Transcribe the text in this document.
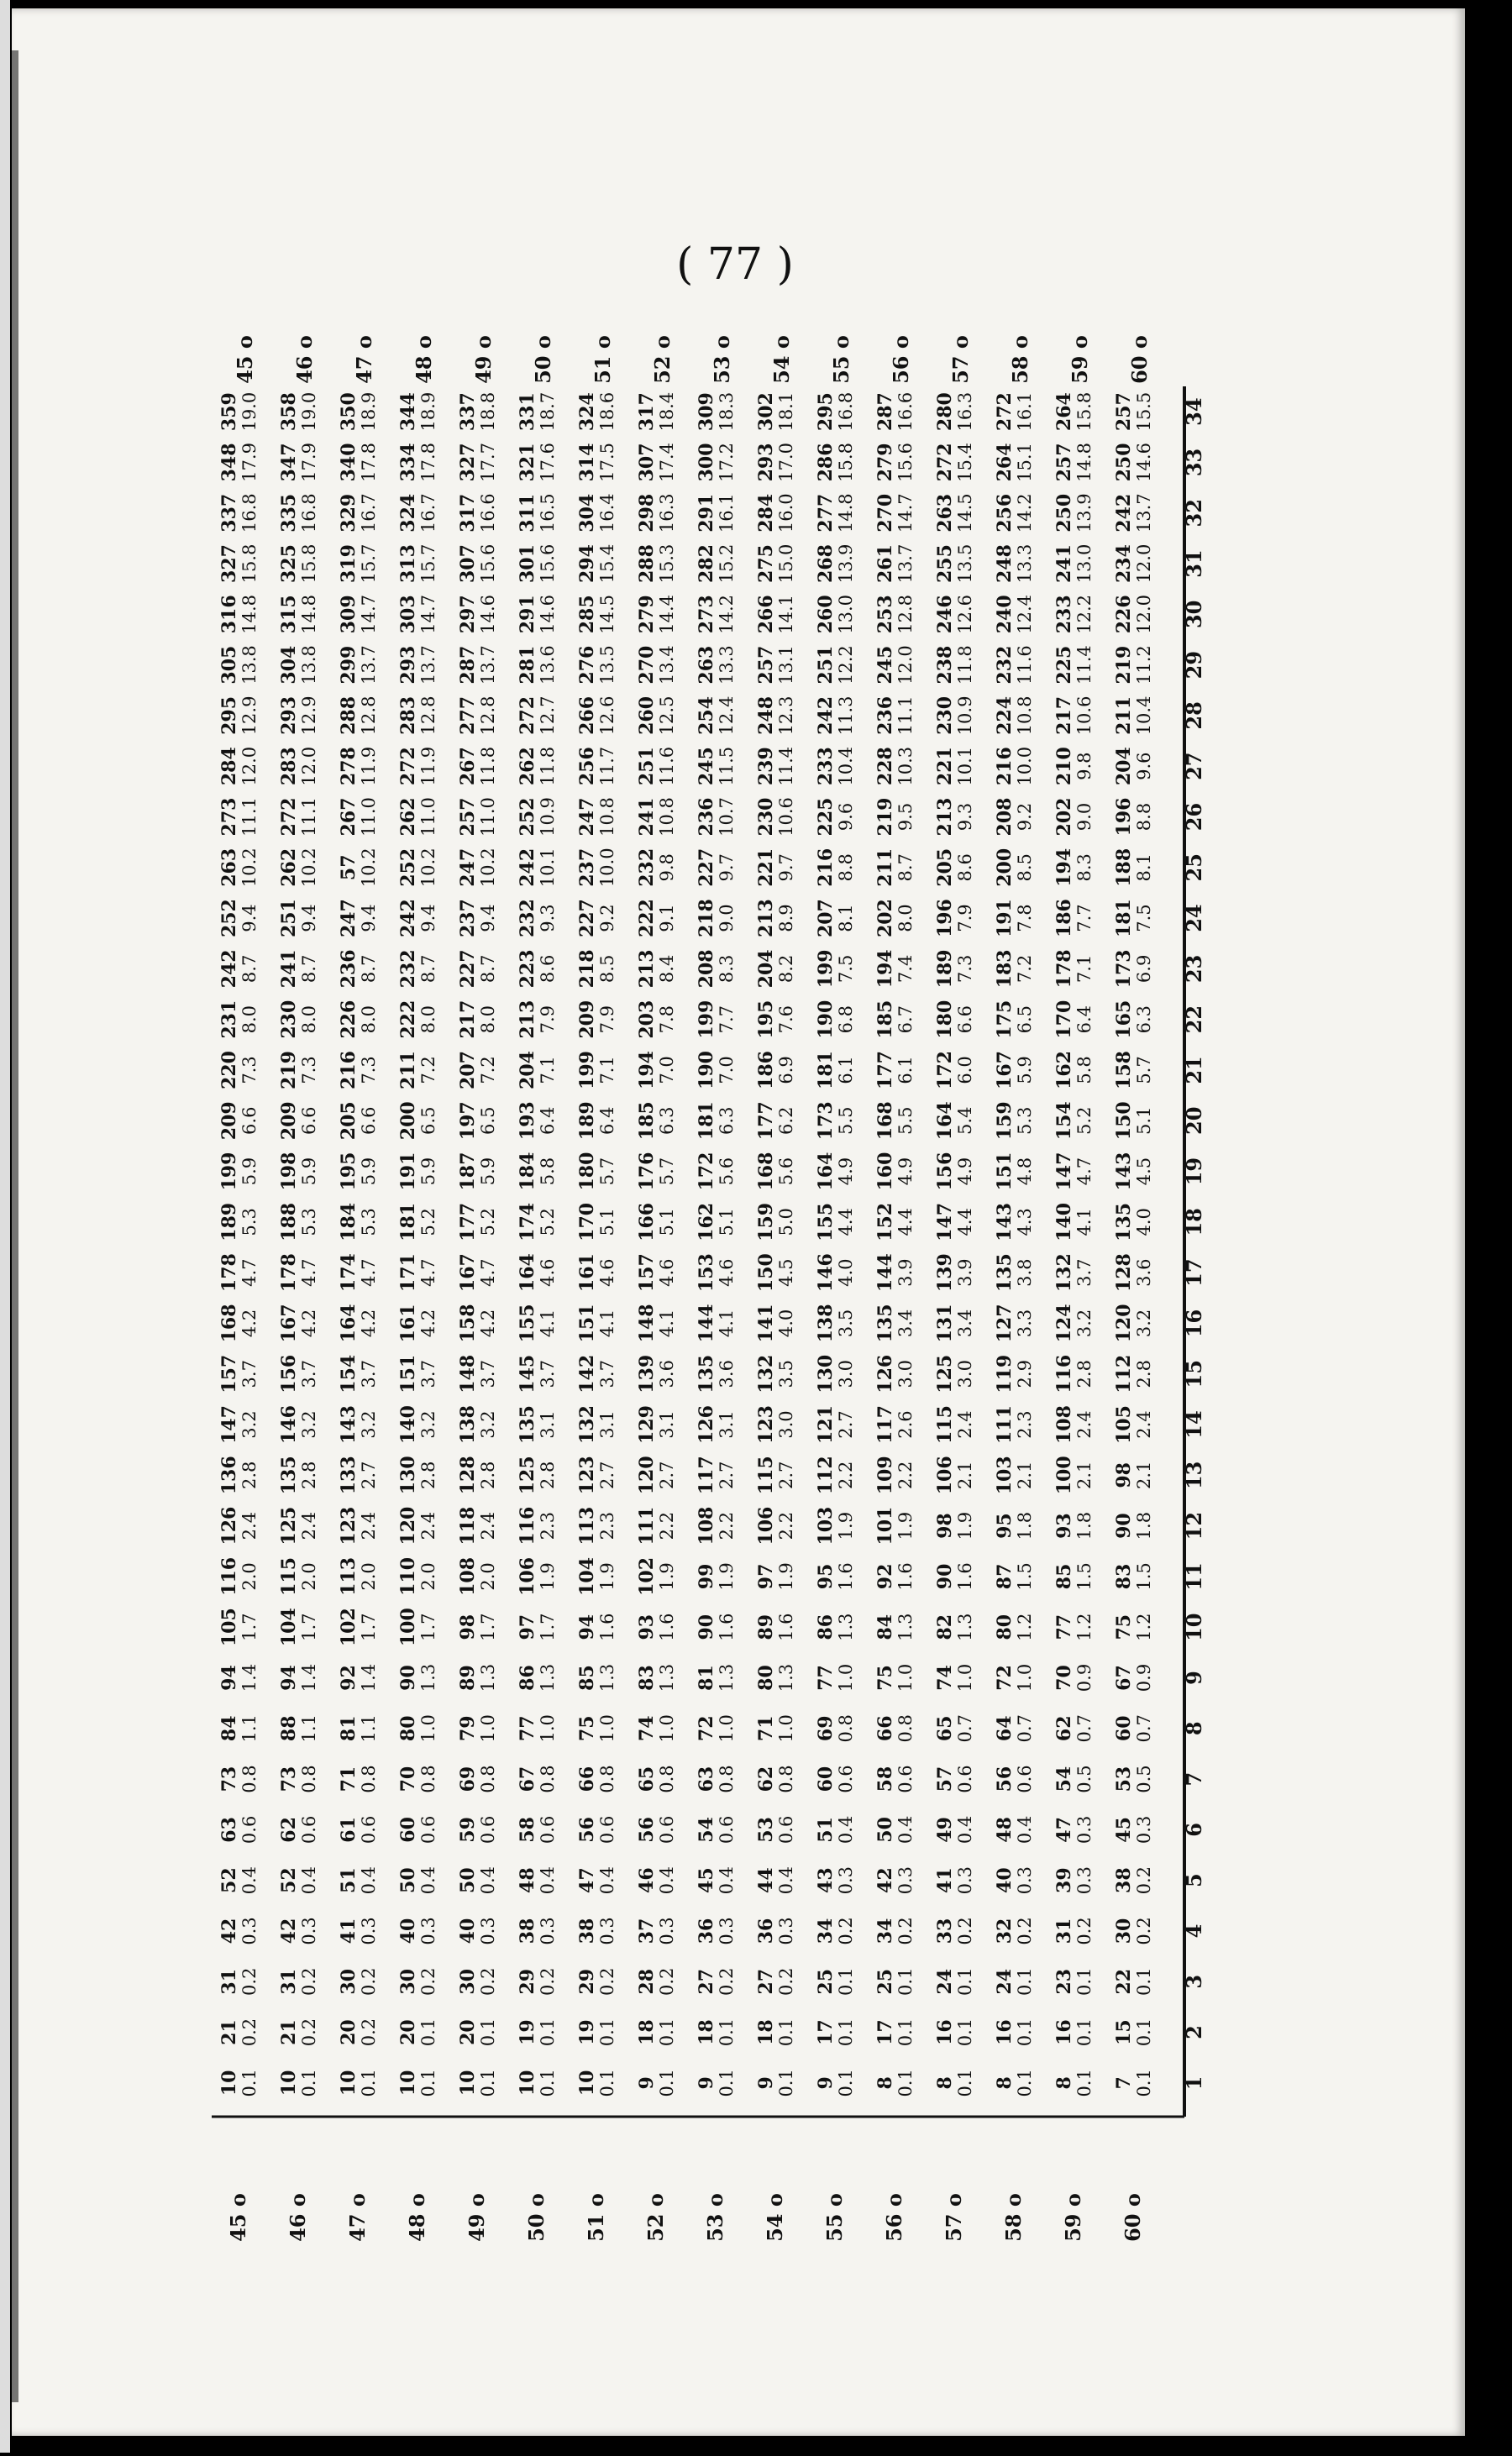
( 77 )
45 o
45 o
10 0.1
21 0.2
31 0.2
42 0.3
52 0.4
63 0.6
73 0.8
84 1.1
94 1.4
105 1.7
116 2.0
126 2.4
136 2.8
147 3.2
157 3.7
168 4.2
178 4.7
189 5.3
199 5.9
209 6.6
220 7.3
231 8.0
242 8.7
252 9.4
263 10.2
273 11.1
284 12.0
295 12.9
305 13.8
316 14.8
327 15.8
337 16.8
348 17.9
359 19.0
46 o
46 o
10 0.1
21 0.2
31 0.2
42 0.3
52 0.4
62 0.6
73 0.8
88 1.1
94 1.4
104 1.7
115 2.0
125 2.4
135 2.8
146 3.2
156 3.7
167 4.2
178 4.7
188 5.3
198 5.9
209 6.6
219 7.3
230 8.0
241 8.7
251 9.4
262 10.2
272 11.1
283 12.0
293 12.9
304 13.8
315 14.8
325 15.8
335 16.8
347 17.9
358 19.0
47 o
47 o
10 0.1
20 0.2
30 0.2
41 0.3
51 0.4
61 0.6
71 0.8
81 1.1
92 1.4
102 1.7
113 2.0
123 2.4
133 2.7
143 3.2
154 3.7
164 4.2
174 4.7
184 5.3
195 5.9
205 6.6
216 7.3
226 8.0
236 8.7
247 9.4
57 10.2
267 11.0
278 11.9
288 12.8
299 13.7
309 14.7
319 15.7
329 16.7
340 17.8
350 18.9
48 o
48 o
10 0.1
20 0.1
30 0.2
40 0.3
50 0.4
60 0.6
70 0.8
80 1.0
90 1.3
100 1.7
110 2.0
120 2.4
130 2.8
140 3.2
151 3.7
161 4.2
171 4.7
181 5.2
191 5.9
200 6.5
211 7.2
222 8.0
232 8.7
242 9.4
252 10.2
262 11.0
272 11.9
283 12.8
293 13.7
303 14.7
313 15.7
324 16.7
334 17.8
344 18.9
49 o
49 o
10 0.1
20 0.1
30 0.2
40 0.3
50 0.4
59 0.6
69 0.8
79 1.0
89 1.3
98 1.7
108 2.0
118 2.4
128 2.8
138 3.2
148 3.7
158 4.2
167 4.7
177 5.2
187 5.9
197 6.5
207 7.2
217 8.0
227 8.7
237 9.4
247 10.2
257 11.0
267 11.8
277 12.8
287 13.7
297 14.6
307 15.6
317 16.6
327 17.7
337 18.8
50 o
50 o
10 0.1
19 0.1
29 0.2
38 0.3
48 0.4
58 0.6
67 0.8
77 1.0
86 1.3
97 1.7
106 1.9
116 2.3
125 2.8
135 3.1
145 3.7
155 4.1
164 4.6
174 5.2
184 5.8
193 6.4
204 7.1
213 7.9
223 8.6
232 9.3
242 10.1
252 10.9
262 11.8
272 12.7
281 13.6
291 14.6
301 15.6
311 16.5
321 17.6
331 18.7
51 o
51 o
10 0.1
19 0.1
29 0.2
38 0.3
47 0.4
56 0.6
66 0.8
75 1.0
85 1.3
94 1.6
104 1.9
113 2.3
123 2.7
132 3.1
142 3.7
151 4.1
161 4.6
170 5.1
180 5.7
189 6.4
199 7.1
209 7.9
218 8.5
227 9.2
237 10.0
247 10.8
256 11.7
266 12.6
276 13.5
285 14.5
294 15.4
304 16.4
314 17.5
324 18.6
52 o
52 o
9 0.1
18 0.1
28 0.2
37 0.3
46 0.4
56 0.6
65 0.8
74 1.0
83 1.3
93 1.6
102 1.9
111 2.2
120 2.7
129 3.1
139 3.6
148 4.1
157 4.6
166 5.1
176 5.7
185 6.3
194 7.0
203 7.8
213 8.4
222 9.1
232 9.8
241 10.8
251 11.6
260 12.5
270 13.4
279 14.4
288 15.3
298 16.3
307 17.4
317 18.4
53 o
53 o
9 0.1
18 0.1
27 0.2
36 0.3
45 0.4
54 0.6
63 0.8
72 1.0
81 1.3
90 1.6
99 1.9
108 2.2
117 2.7
126 3.1
135 3.6
144 4.1
153 4.6
162 5.1
172 5.6
181 6.3
190 7.0
199 7.7
208 8.3
218 9.0
227 9.7
236 10.7
245 11.5
254 12.4
263 13.3
273 14.2
282 15.2
291 16.1
300 17.2
309 18.3
54 o
54 o
9 0.1
18 0.1
27 0.2
36 0.3
44 0.4
53 0.6
62 0.8
71 1.0
80 1.3
89 1.6
97 1.9
106 2.2
115 2.7
123 3.0
132 3.5
141 4.0
150 4.5
159 5.0
168 5.6
177 6.2
186 6.9
195 7.6
204 8.2
213 8.9
221 9.7
230 10.6
239 11.4
248 12.3
257 13.1
266 14.1
275 15.0
284 16.0
293 17.0
302 18.1
55 o
55 o
9 0.1
17 0.1
25 0.1
34 0.2
43 0.3
51 0.4
60 0.6
69 0.8
77 1.0
86 1.3
95 1.6
103 1.9
112 2.2
121 2.7
130 3.0
138 3.5
146 4.0
155 4.4
164 4.9
173 5.5
181 6.1
190 6.8
199 7.5
207 8.1
216 8.8
225 9.6
233 10.4
242 11.3
251 12.2
260 13.0
268 13.9
277 14.8
286 15.8
295 16.8
56 o
56 o
8 0.1
17 0.1
25 0.1
34 0.2
42 0.3
50 0.4
58 0.6
66 0.8
75 1.0
84 1.3
92 1.6
101 1.9
109 2.2
117 2.6
126 3.0
135 3.4
144 3.9
152 4.4
160 4.9
168 5.5
177 6.1
185 6.7
194 7.4
202 8.0
211 8.7
219 9.5
228 10.3
236 11.1
245 12.0
253 12.8
261 13.7
270 14.7
279 15.6
287 16.6
57 o
57 o
8 0.1
16 0.1
24 0.1
33 0.2
41 0.3
49 0.4
57 0.6
65 0.7
74 1.0
82 1.3
90 1.6
98 1.9
106 2.1
115 2.4
125 3.0
131 3.4
139 3.9
147 4.4
156 4.9
164 5.4
172 6.0
180 6.6
189 7.3
196 7.9
205 8.6
213 9.3
221 10.1
230 10.9
238 11.8
246 12.6
255 13.5
263 14.5
272 15.4
280 16.3
58 o
58 o
8 0.1
16 0.1
24 0.1
32 0.2
40 0.3
48 0.4
56 0.6
64 0.7
72 1.0
80 1.2
87 1.5
95 1.8
103 2.1
111 2.3
119 2.9
127 3.3
135 3.8
143 4.3
151 4.8
159 5.3
167 5.9
175 6.5
183 7.2
191 7.8
200 8.5
208 9.2
216 10.0
224 10.8
232 11.6
240 12.4
248 13.3
256 14.2
264 15.1
272 16.1
59 o
59 o
8 0.1
16 0.1
23 0.1
31 0.2
39 0.3
47 0.3
54 0.5
62 0.7
70 0.9
77 1.2
85 1.5
93 1.8
100 2.1
108 2.4
116 2.8
124 3.2
132 3.7
140 4.1
147 4.7
154 5.2
162 5.8
170 6.4
178 7.1
186 7.7
194 8.3
202 9.0
210 9.8
217 10.6
225 11.4
233 12.2
241 13.0
250 13.9
257 14.8
264 15.8
60 o
60 o
7 0.1
15 0.1
22 0.1
30 0.2
38 0.2
45 0.3
53 0.5
60 0.7
67 0.9
75 1.2
83 1.5
90 1.8
98 2.1
105 2.4
112 2.8
120 3.2
128 3.6
135 4.0
143 4.5
150 5.1
158 5.7
165 6.3
173 6.9
181 7.5
188 8.1
196 8.8
204 9.6
211 10.4
219 11.2
226 12.0
234 12.0
242 13.7
250 14.6
257 15.5
1
2
3
4
5
6
7
8
9
10
11
12
13
14
15
16
17
18
19
20
21
22
23
24
25
26
27
28
29
30
31
32
33
34
